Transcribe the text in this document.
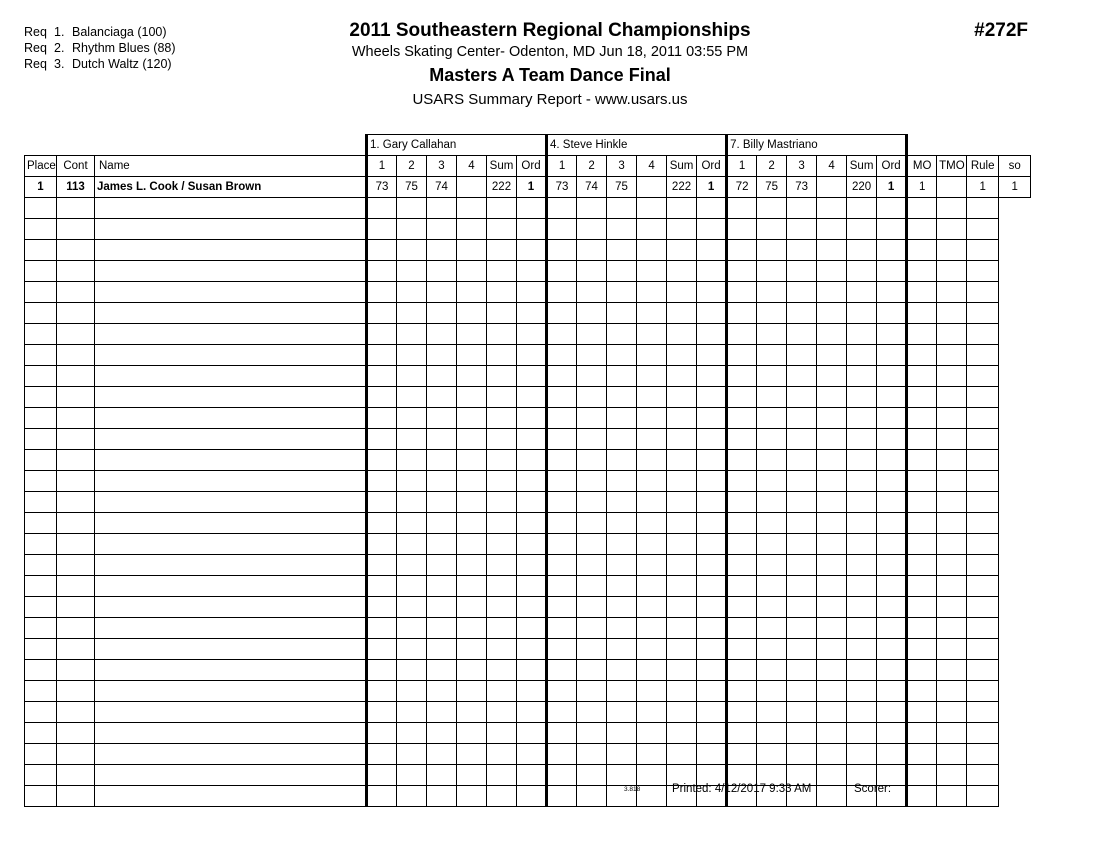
Req 1. Balanciaga (100)
Req 2. Rhythm Blues (88)
Req 3. Dutch Waltz (120)
2011 Southeastern Regional Championships
Wheels Skating Center- Odenton, MD Jun 18, 2011 03:55 PM
Masters A Team Dance Final
USARS Summary Report - www.usars.us
#272F
			1. Gary Callahan						4. Steve Hinkle						7. Billy Mastriano									
Place	Cont	Name	1	2	3	4	Sum	Ord	1	2	3	4	Sum	Ord	1	2	3	4	Sum	Ord	MO	TMO	Rule	so
1	113	James L. Cook / Susan Brown	73	75	74		222	1	73	74	75		222	1	72	75	73		220	1	1		1	1

3.818	Printed: 4/12/2017 9:33 AM	Scorer:
